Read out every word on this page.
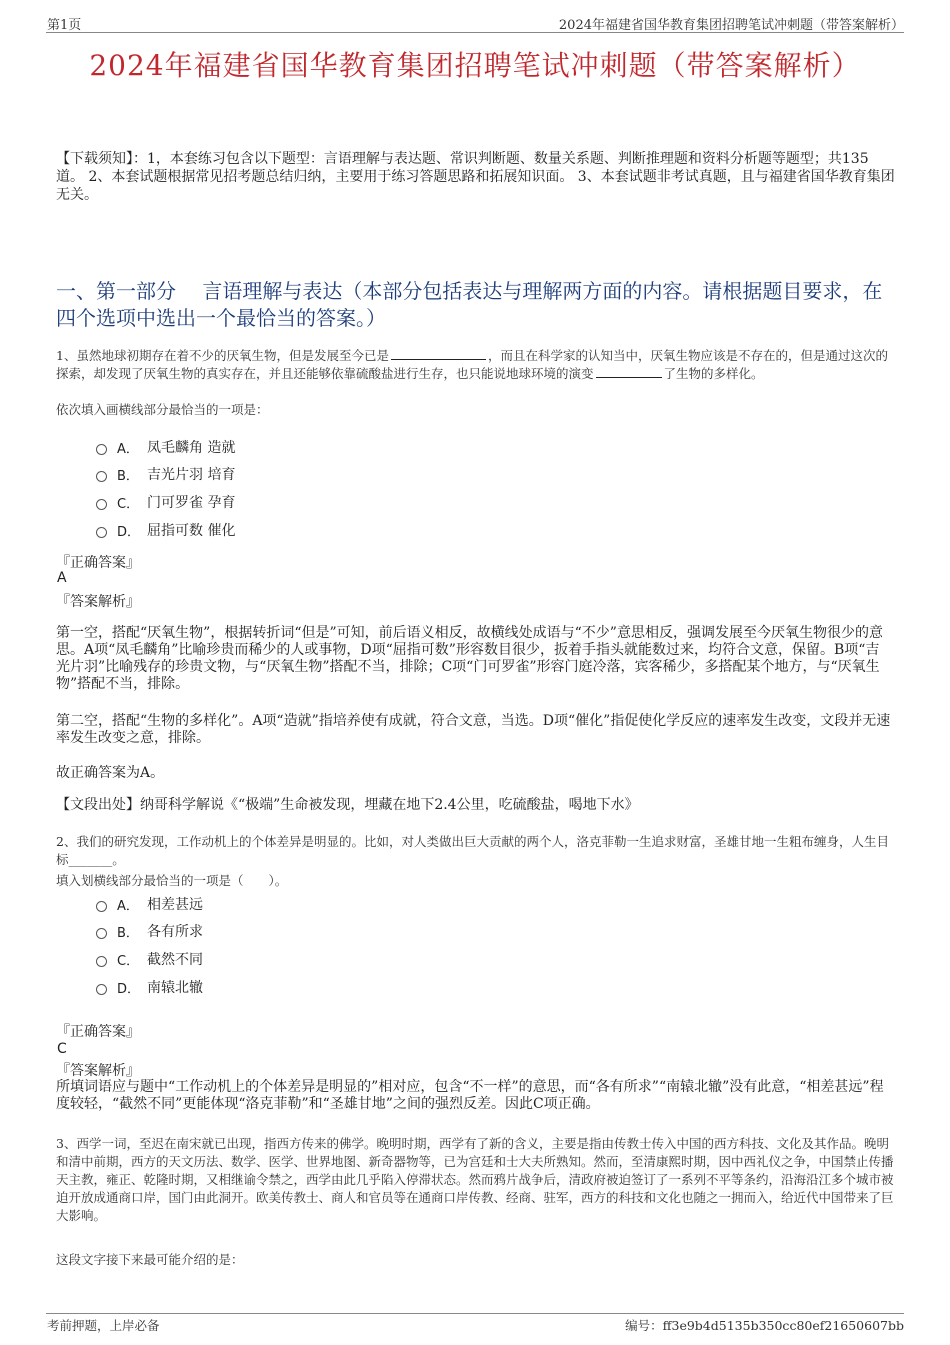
第1页	2024年福建省国华教育集团招聘笔试冲刺题（带答案解析）
2024年福建省国华教育集团招聘笔试冲刺题（带答案解析）
【下载须知】：1，本套练习包含以下题型：言语理解与表达题、常识判断题、数量关系题、判断推理题和资料分析题等题型；共135道。 2、本套试题根据常见招考题总结归纳，主要用于练习答题思路和拓展知识面。 3、本套试题非考试真题，且与福建省国华教育集团无关。
一、第一部分　 言语理解与表达（本部分包括表达与理解两方面的内容。请根据题目要求，在四个选项中选出一个最恰当的答案。）
1、虽然地球初期存在着不少的厌氧生物，但是发展至今已是	，而且在科学家的认知当中，厌氧生物应该是不存在的，但是通过这次的探索，却发现了厌氧生物的真实存在，并且还能够依靠硫酸盐进行生存，也只能说地球环境的演变	了生物的多样化。
依次填入画横线部分最恰当的一项是：
A． 凤毛麟角 造就
B． 吉光片羽 培育
C． 门可罗雀 孕育
D． 屈指可数 催化
『正确答案』
A
『答案解析』
第一空，搭配“厌氧生物”，根据转折词“但是”可知，前后语义相反，故横线处成语与“不少”意思相反，强调发展至今厌氧生物很少的意思。A项“凤毛麟角”比喻珍贵而稀少的人或事物，D项“屈指可数”形容数目很少，扳着手指头就能数过来，均符合文意，保留。B项“吉光片羽”比喻残存的珍贵文物，与“厌氧生物”搭配不当，排除；C项“门可罗雀”形容门庭冷落，宾客稀少，多搭配某个地方，与“厌氧生物”搭配不当，排除。
第二空，搭配“生物的多样化”。A项“造就”指培养使有成就，符合文意，当选。D项“催化”指促使化学反应的速率发生改变，文段并无速率发生改变之意，排除。
故正确答案为A。
【文段出处】纳哥科学解说《“极端”生命被发现，埋藏在地下2.4公里，吃硫酸盐，喝地下水》
2、我们的研究发现，工作动机上的个体差异是明显的。比如，对人类做出巨大贡献的两个人，洛克菲勒一生追求财富，圣雄甘地一生粗布缠身，人生目标_______。
填入划横线部分最恰当的一项是（　　）。
A． 相差甚远
B． 各有所求
C． 截然不同
D． 南辕北辙
『正确答案』
C
『答案解析』
所填词语应与题中“工作动机上的个体差异是明显的”相对应，包含“不一样”的意思，而“各有所求”“南辕北辙”没有此意，“相差甚远”程度较轻，“截然不同”更能体现“洛克菲勒”和“圣雄甘地”之间的强烈反差。因此C项正确。
3、西学一词，至迟在南宋就已出现，指西方传来的佛学。晚明时期，西学有了新的含义，主要是指由传教士传入中国的西方科技、文化及其作品。晚明和清中前期，西方的天文历法、数学、医学、世界地图、新奇器物等，已为宫廷和士大夫所熟知。然而，至清康熙时期，因中西礼仪之争，中国禁止传播天主教，雍正、乾隆时期，又相继谕令禁之，西学由此几乎陷入停滞状态。然而鸦片战争后，清政府被迫签订了一系列不平等条约，沿海沿江多个城市被迫开放成通商口岸，国门由此洞开。欧美传教士、商人和官员等在通商口岸传教、经商、驻军，西方的科技和文化也随之一拥而入，给近代中国带来了巨大影响。
这段文字接下来最可能介绍的是：
考前押题，上岸必备	编号：ff3e9b4d5135b350cc80ef21650607bb
